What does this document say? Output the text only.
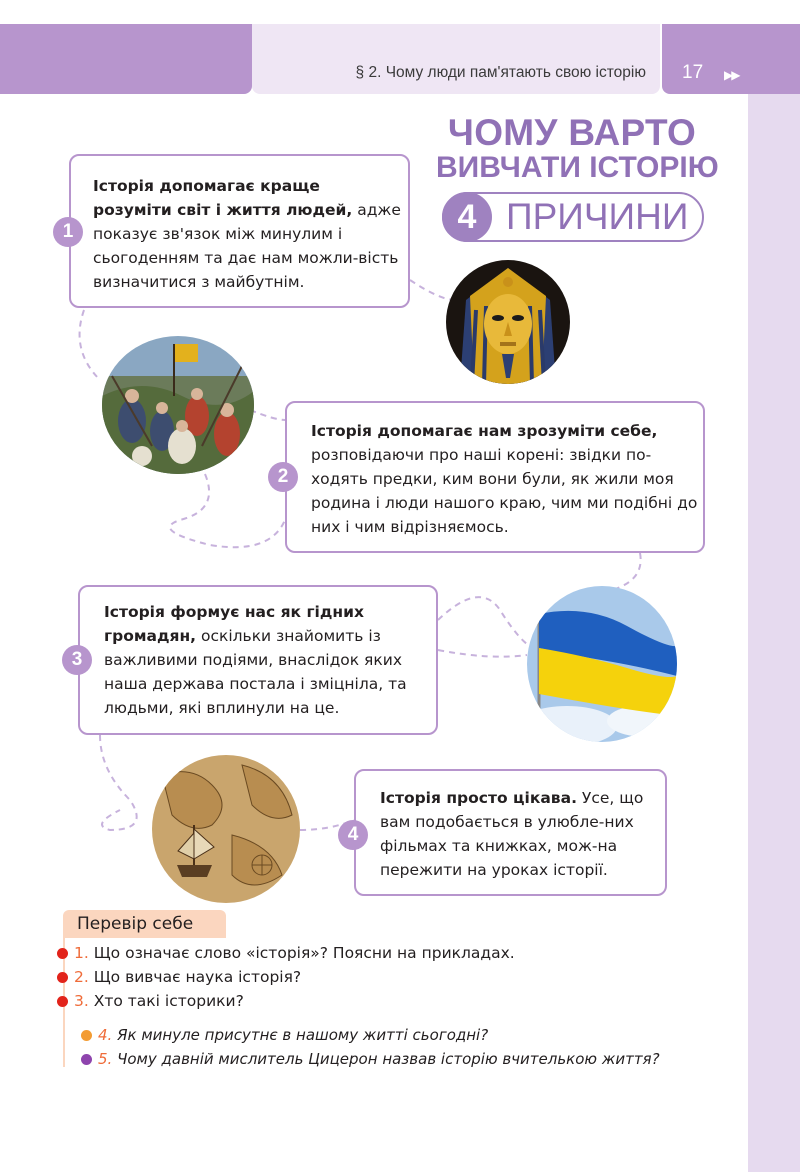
§ 2. Чому люди пам'ятають свою історію 17 ▶▶
ЧОМУ ВАРТО
ВИВЧАТИ ІСТОРІЮ
4 ПРИЧИНИ
Історія допомагає краще розуміти світ і життя людей, адже показує зв'язок між минулим і сьогоденням та дає нам можли-вість визначитися з майбутнім.
1
Історія допомагає нам зрозуміти себе, розповідаючи про наші корені: звідки по-ходять предки, ким вони були, як жили моя родина і люди нашого краю, чим ми подібні до них і чим відрізняємось.
2
Історія формує нас як гідних громадян, оскільки знайомить із важливими подіями, внаслідок яких наша держава постала і зміцніла, та людьми, які вплинули на це.
3
Історія просто цікава. Усе, що вам подобається в улюбле-них фільмах та книжках, мож-на пережити на уроках історії.
4
Перевір себе
1. Що означає слово «історія»? Поясни на прикладах.
2. Що вивчає наука історія?
3. Хто такі історики?
4. Як минуле присутнє в нашому житті сьогодні?
5. Чому давній мислитель Цицерон назвав історію вчителькою життя?
